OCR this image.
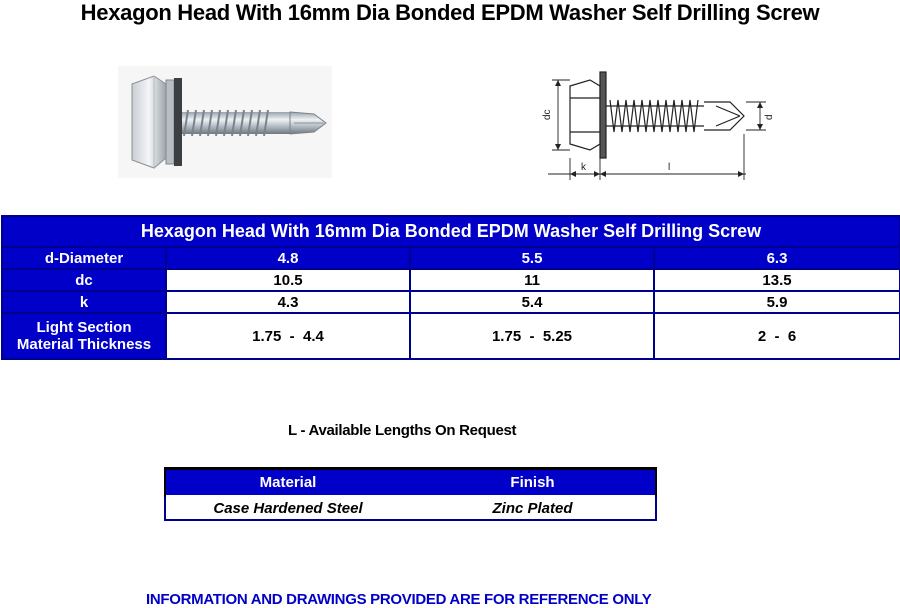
Hexagon Head With 16mm Dia Bonded EPDM Washer Self Drilling Screw
dc	d
k	l
Hexagon Head With 16mm Dia Bonded EPDM Washer Self Drilling Screw			
d-Diameter	4.8	5.5	6.3
dc	10.5	11	13.5
k	4.3	5.4	5.9

Light Section
Material Thickness	1.75  -  4.4	1.75  -  5.25	2  -  6
L - Available Lengths On Request
Material	Finish
Case Hardened Steel	Zinc Plated
INFORMATION AND DRAWINGS PROVIDED ARE FOR REFERENCE ONLY
